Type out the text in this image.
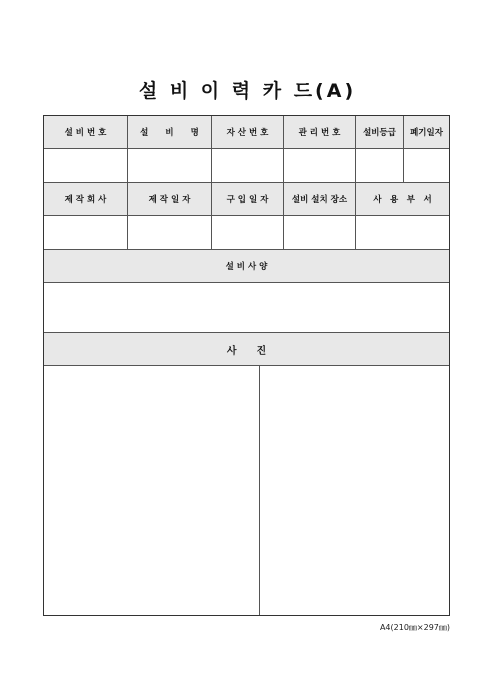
설 비 이 력 카 드(A)
설 비 번 호	설　　비　　명	자 산 번 호	관 리 번 호	설비등급	폐기일자
제 작 회 사	제 작 일 자	구 입 일 자	설비 설치 장소	사　용　부　서
설 비 사 양
사　　진
A4(210㎜×297㎜)
